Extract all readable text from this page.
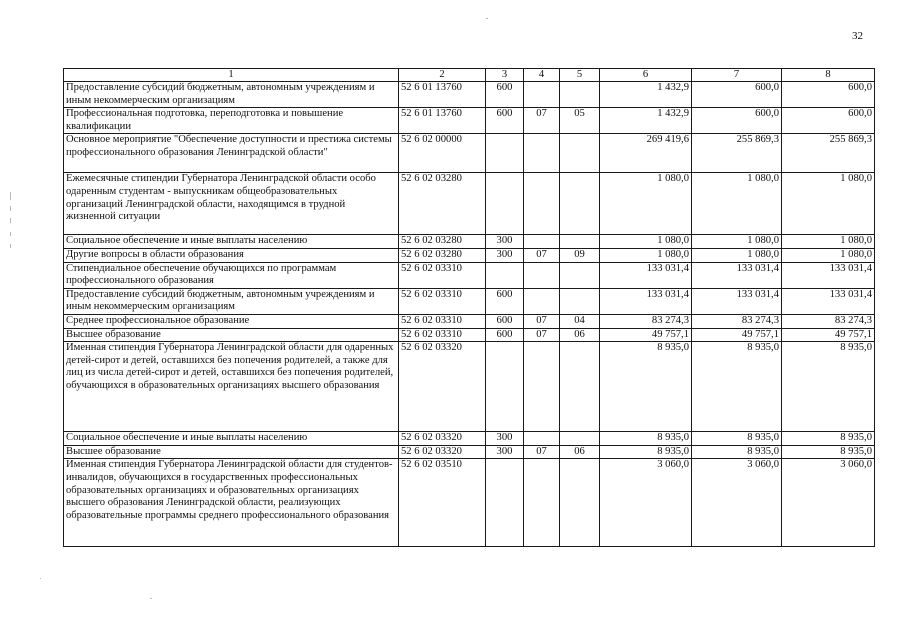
32
1	2	3	4	5	6	7	8
Предоставление субсидий бюджетным, автономным учреждениям и иным некоммерческим организациям	52 6 01 13760	600			1 432,9	600,0	600,0
Профессиональная подготовка, переподготовка и повышение квалификации	52 6 01 13760	600	07	05	1 432,9	600,0	600,0
Основное мероприятие "Обеспечение доступности и престижа системы профессионального образования Ленинградской области"	52 6 02 00000				269 419,6	255 869,3	255 869,3
Ежемесячные стипендии Губернатора Ленинградской области особо одаренным студентам - выпускникам общеобразовательных организаций Ленинградской области, находящимся в трудной жизненной ситуации	52 6 02 03280				1 080,0	1 080,0	1 080,0
Социальное обеспечение и иные выплаты населению	52 6 02 03280	300			1 080,0	1 080,0	1 080,0
Другие вопросы в области образования	52 6 02 03280	300	07	09	1 080,0	1 080,0	1 080,0
Стипендиальное обеспечение обучающихся по программам профессионального образования	52 6 02 03310				133 031,4	133 031,4	133 031,4
Предоставление субсидий бюджетным, автономным учреждениям и иным некоммерческим организациям	52 6 02 03310	600			133 031,4	133 031,4	133 031,4
Среднее профессиональное образование	52 6 02 03310	600	07	04	83 274,3	83 274,3	83 274,3
Высшее образование	52 6 02 03310	600	07	06	49 757,1	49 757,1	49 757,1
Именная стипендия Губернатора Ленинградской области для одаренных детей-сирот и детей, оставшихся без попечения родителей, а также для лиц из числа детей-сирот и детей, оставшихся без попечения родителей, обучающихся в образовательных организациях высшего образования	52 6 02 03320				8 935,0	8 935,0	8 935,0
Социальное обеспечение и иные выплаты населению	52 6 02 03320	300			8 935,0	8 935,0	8 935,0
Высшее образование	52 6 02 03320	300	07	06	8 935,0	8 935,0	8 935,0
Именная стипендия Губернатора Ленинградской области для студентов-инвалидов, обучающихся в государственных профессиональных образовательных организациях и образовательных организациях высшего образования Ленинградской области, реализующих образовательные программы среднего профессионального образования	52 6 02 03510				3 060,0	3 060,0	3 060,0
